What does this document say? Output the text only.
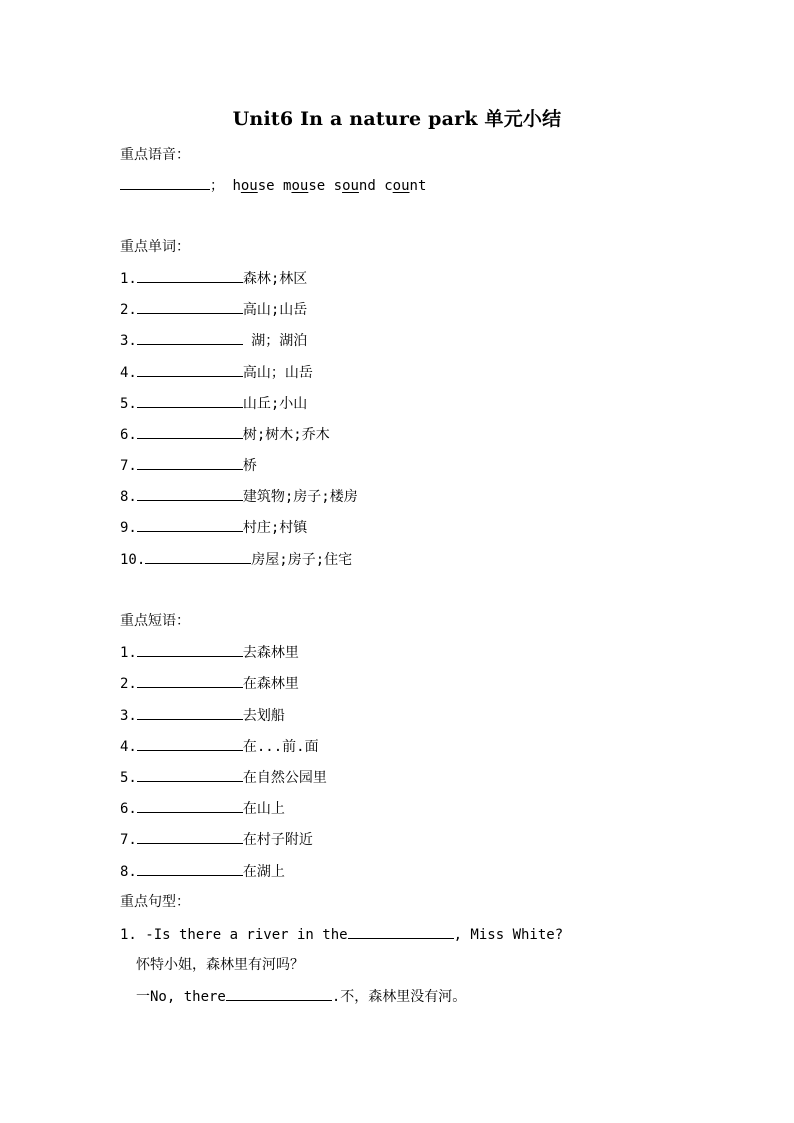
Unit6 In a nature park 单元小结
重点语音：
； house mouse sound count
重点单词：
1.	森林;林区
2.	高山;山岳
3.	湖；湖泊
4.	高山；山岳
5.	山丘;小山
6.	树;树木;乔木
7.	桥
8.	建筑物;房子;楼房
9.	村庄;村镇
10.	房屋;房子;住宅
重点短语：
1.	去森林里
2.	在森林里
3.	去划船
4.	在...前.面
5.	在自然公园里
6.	在山上
7.	在村子附近
8.	在湖上
重点句型：
1. -Is there a river in the	, Miss White?
怀特小姐，森林里有河吗？
一No, there	.不，森林里没有河。
